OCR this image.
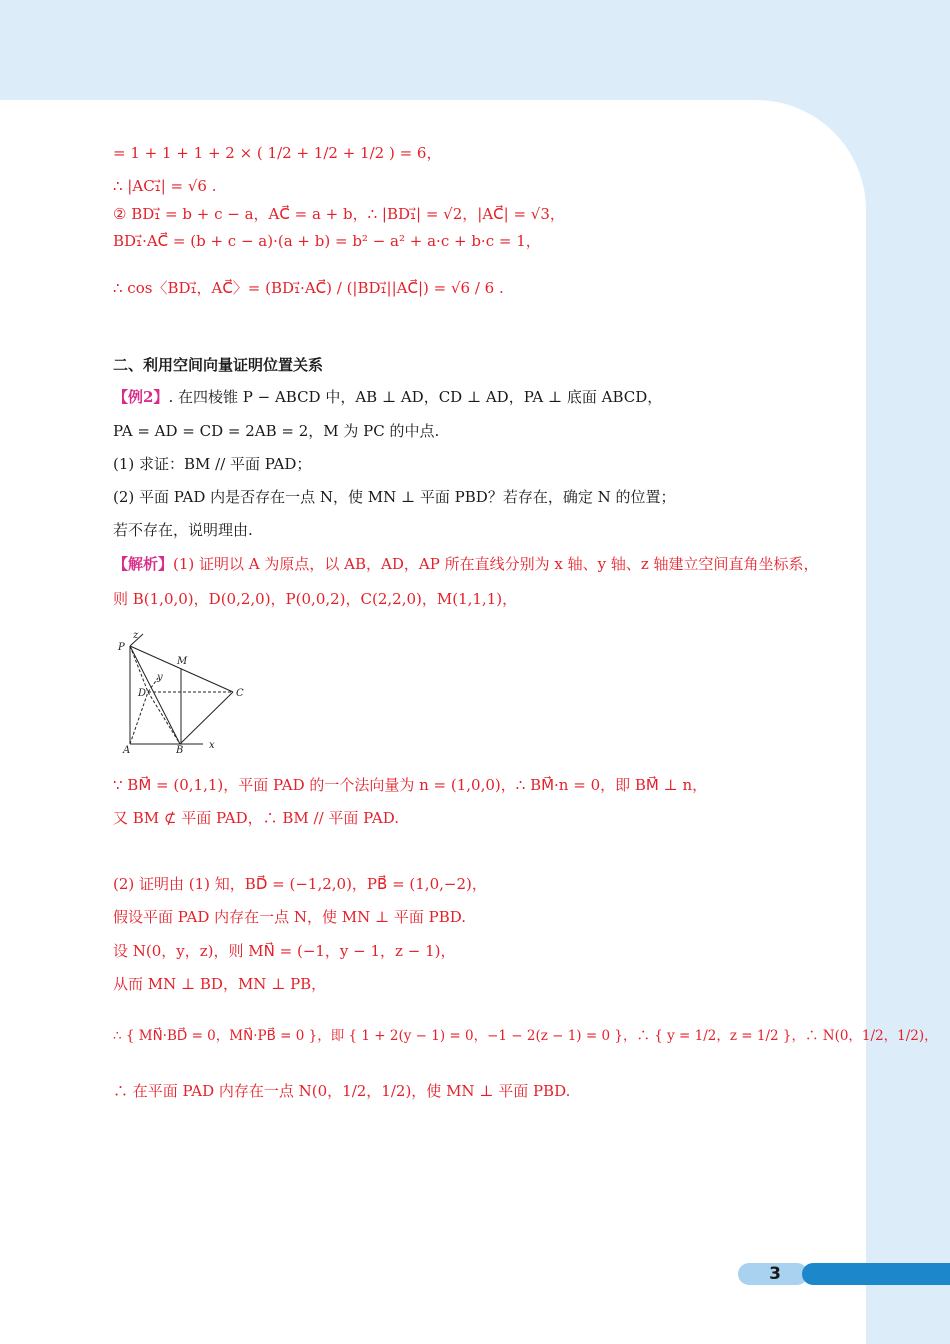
= 1 + 1 + 1 + 2 × ( 1/2 + 1/2 + 1/2 ) = 6，
∴ |AC₁⃗| = √6 .
② BD₁⃗ = b + c − a，AC⃗ = a + b，∴ |BD₁⃗| = √2，|AC⃗| = √3，
BD₁⃗·AC⃗ = (b + c − a)·(a + b) = b² − a² + a·c + b·c = 1，
∴ cos〈BD₁⃗，AC⃗〉= (BD₁⃗·AC⃗) / (|BD₁⃗||AC⃗|) = √6 / 6 .
二、利用空间向量证明位置关系
【例2】. 在四棱锥 P − ABCD 中，AB ⊥ AD，CD ⊥ AD，PA ⊥ 底面 ABCD，
PA = AD = CD = 2AB = 2，M 为 PC 的中点.
(1) 求证：BM // 平面 PAD；
(2) 平面 PAD 内是否存在一点 N，使 MN ⊥ 平面 PBD？若存在，确定 N 的位置；
若不存在，说明理由.
【解析】(1) 证明以 A 为原点，以 AB，AD，AP 所在直线分别为 x 轴、y 轴、z 轴建立空间直角坐标系，
则 B(1,0,0)，D(0,2,0)，P(0,0,2)，C(2,2,0)，M(1,1,1)，
P
z
M
D
y
C
A	B	x
∵ BM⃗ = (0,1,1)，平面 PAD 的一个法向量为 n = (1,0,0)，∴ BM⃗·n = 0，即 BM⃗ ⊥ n，
又 BM ⊄ 平面 PAD，∴ BM // 平面 PAD.
(2) 证明由 (1) 知，BD⃗ = (−1,2,0)，PB⃗ = (1,0,−2)，
假设平面 PAD 内存在一点 N，使 MN ⊥ 平面 PBD.
设 N(0，y，z)，则 MN⃗ = (−1，y − 1，z − 1)，
从而 MN ⊥ BD，MN ⊥ PB，
∴ { MN⃗·BD⃗ = 0，MN⃗·PB⃗ = 0 }，即 { 1 + 2(y − 1) = 0，−1 − 2(z − 1) = 0 }，∴ { y = 1/2，z = 1/2 }，∴ N(0，1/2，1/2)，
∴ 在平面 PAD 内存在一点 N(0，1/2，1/2)，使 MN ⊥ 平面 PBD.
3
